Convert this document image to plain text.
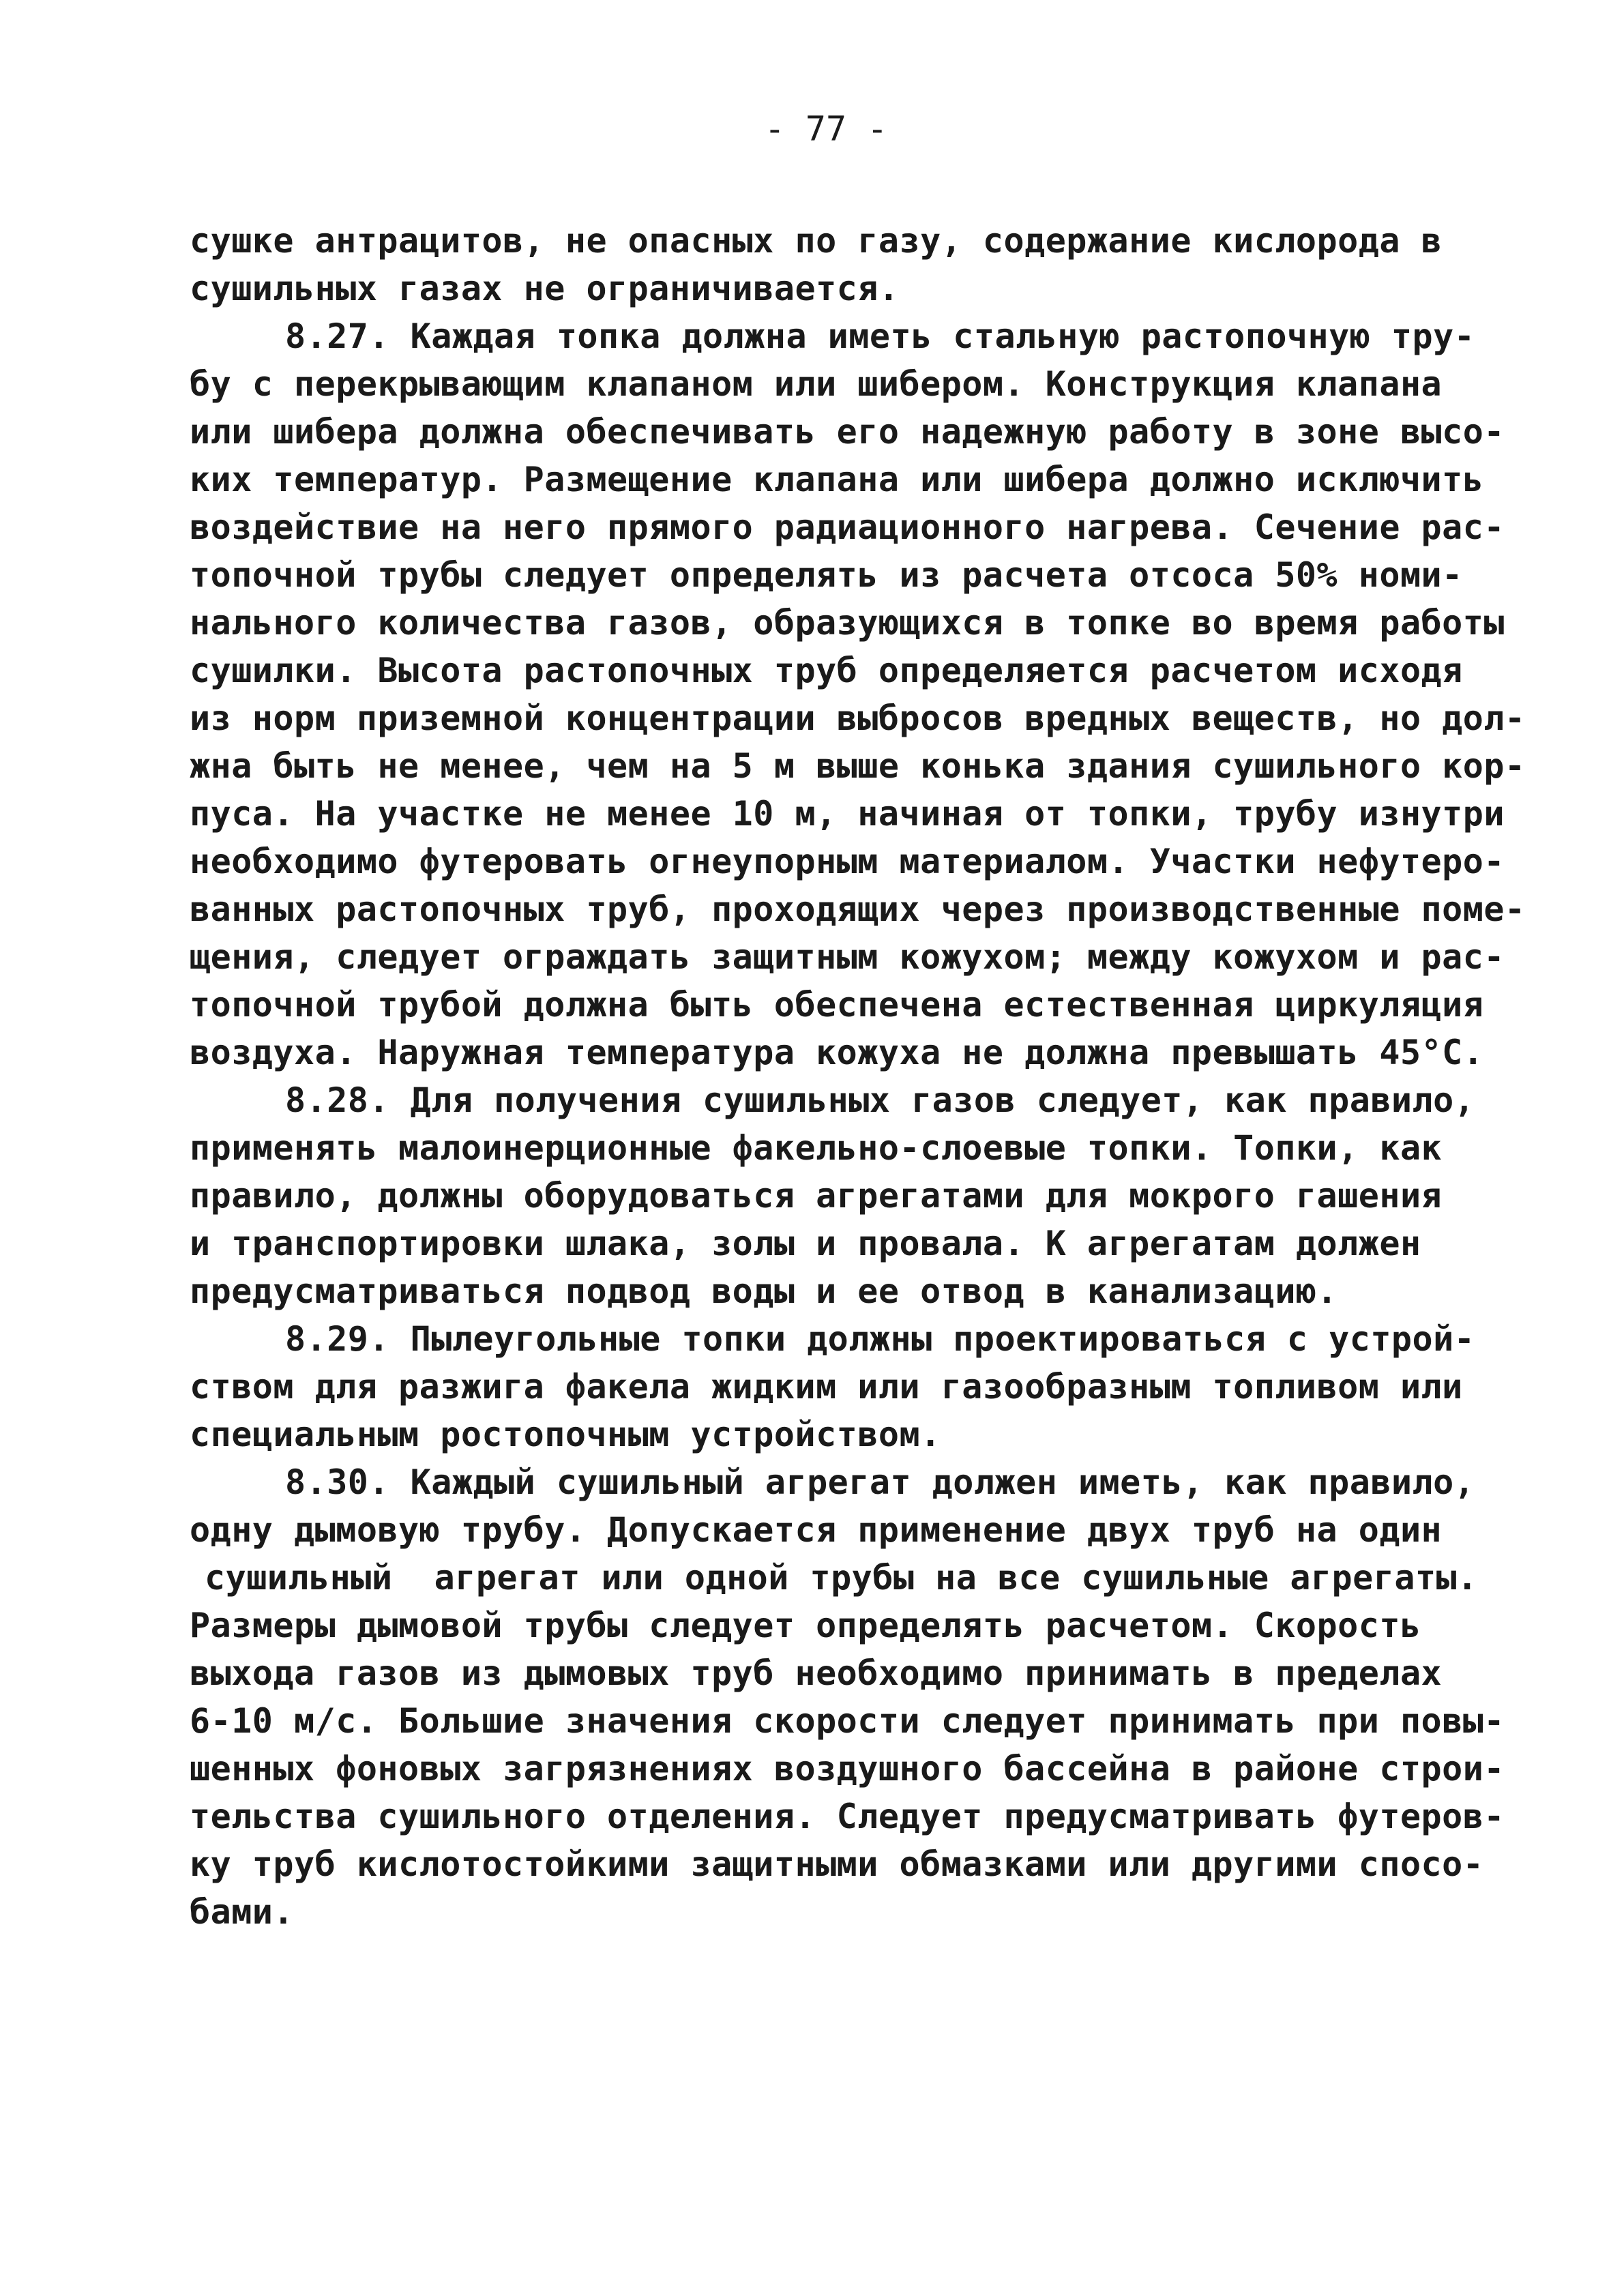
- 77 -
сушке антрацитов, не опасных по газу, содержание кислорода в
сушильных газах не ограничивается.
8.27. Каждая топка должна иметь стальную растопочную тру-
бу с перекрывающим клапаном или шибером. Конструкция клапана
или шибера должна обеспечивать его надежную работу в зоне высо-
ких температур. Размещение клапана или шибера должно исключить
воздействие на него прямого радиационного нагрева. Сечение рас-
топочной трубы следует определять из расчета отсоса 50% номи-
нального количества газов, образующихся в топке во время работы
сушилки. Высота растопочных труб определяется расчетом исходя
из норм приземной концентрации выбросов вредных веществ, но дол-
жна быть не менее, чем на 5 м выше конька здания сушильного кор-
пуса. На участке не менее 10 м, начиная от топки, трубу изнутри
необходимо футеровать огнеупорным материалом. Участки нефутеро-
ванных растопочных труб, проходящих через производственные поме-
щения, следует ограждать защитным кожухом; между кожухом и рас-
топочной трубой должна быть обеспечена естественная циркуляция
воздуха. Наружная температура кожуха не должна превышать 45°С.
8.28. Для получения сушильных газов следует, как правило,
применять малоинерционные факельно-слоевые топки. Топки, как
правило, должны оборудоваться агрегатами для мокрого гашения
и транспортировки шлака, золы и провала. К агрегатам должен
предусматриваться подвод воды и ее отвод в канализацию.
8.29. Пылеугольные топки должны проектироваться с устрой-
ством для разжига факела жидким или газообразным топливом или
специальным ростопочным устройством.
8.30. Каждый сушильный агрегат должен иметь, как правило,
одну дымовую трубу. Допускается применение двух труб на один
сушильный  агрегат или одной трубы на все сушильные агрегаты.
Размеры дымовой трубы следует определять расчетом. Скорость
выхода газов из дымовых труб необходимо принимать в пределах
6-10 м/с. Большие значения скорости следует принимать при повы-
шенных фоновых загрязнениях воздушного бассейна в районе строи-
тельства сушильного отделения. Следует предусматривать футеров-
ку труб кислотостойкими защитными обмазками или другими спосо-
бами.
